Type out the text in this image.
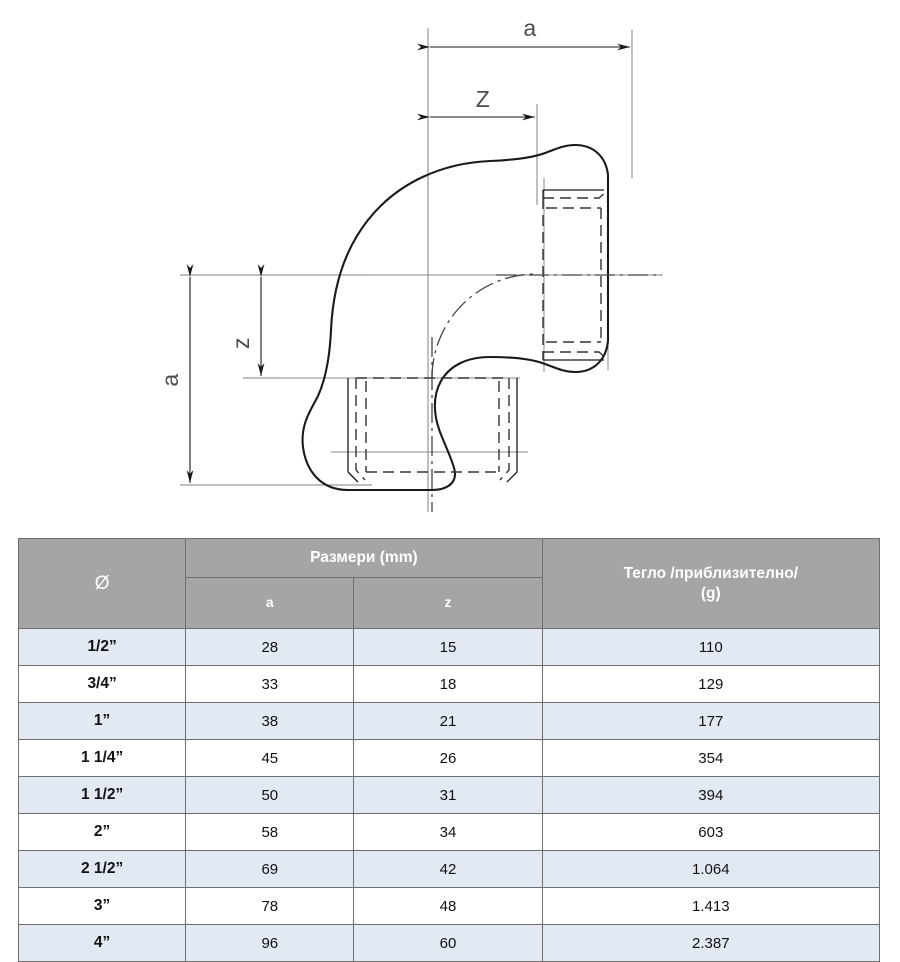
a
Z
a
z
Ø	Размери (mm)		Тегло /приблизително/
(g)

	a	z	
1/2”	28	15	110
3/4”	33	18	129
1”	38	21	177
1 1/4”	45	26	354
1 1/2”	50	31	394
2”	58	34	603
2 1/2”	69	42	1.064
3”	78	48	1.413
4”	96	60	2.387
